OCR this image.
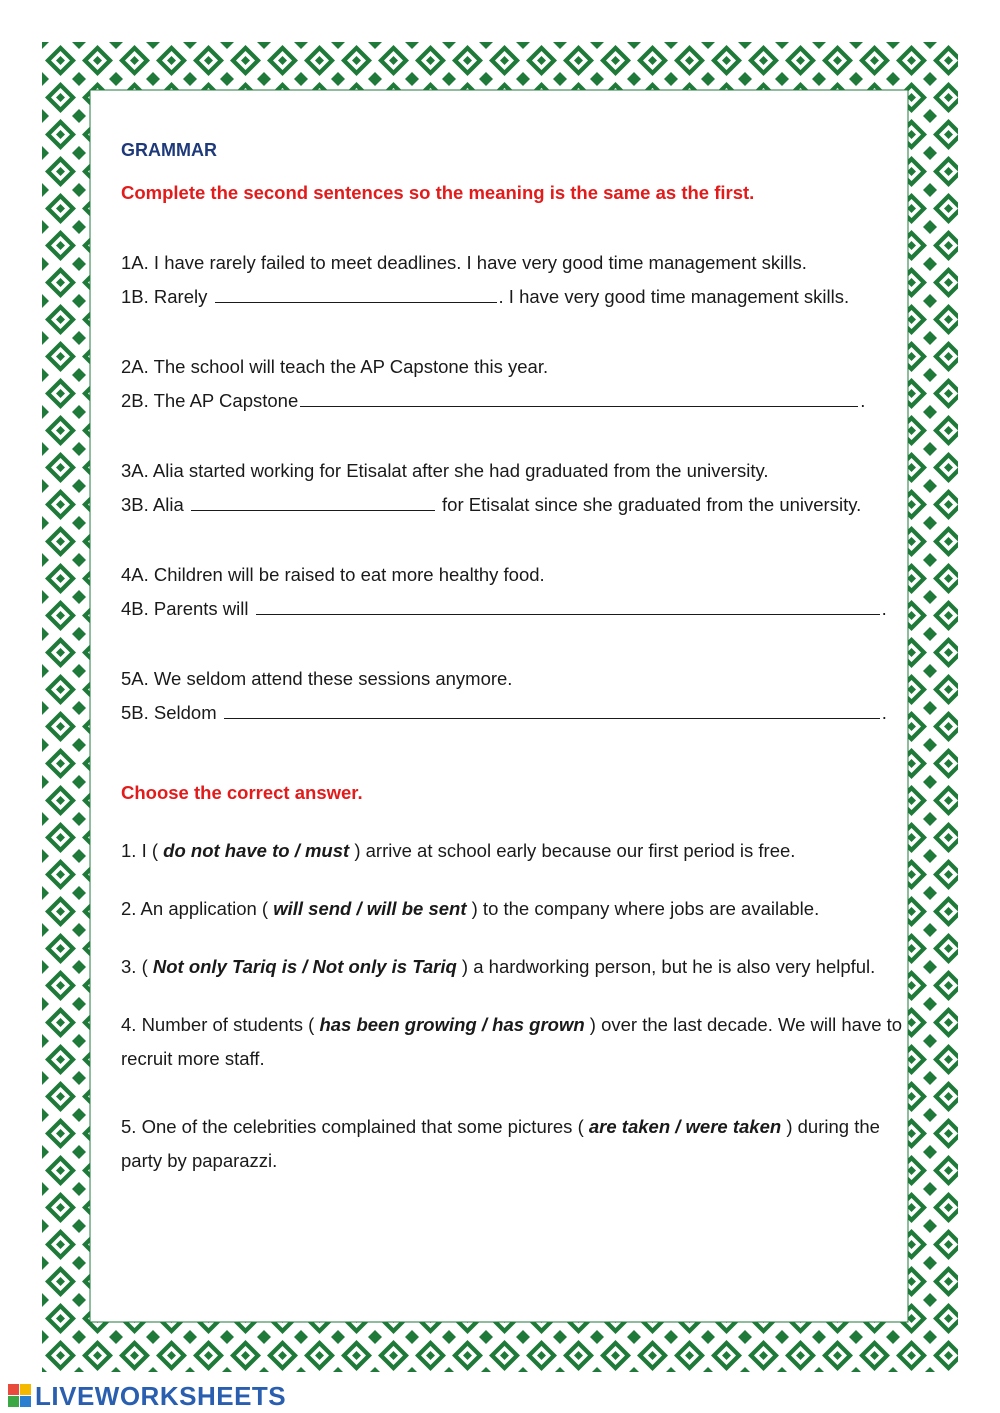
GRAMMAR

Complete the second sentences so the meaning is the same as the first.

1A. I have rarely failed to meet deadlines. I have very good time management skills.

1B. Rarely	. I have very good time management skills.

2A. The school will teach the AP Capstone this year.

2B. The AP Capstone	.

3A. Alia started working for Etisalat after she had graduated from the university.

3B. Alia	for Etisalat since she graduated from the university.

4A. Children will be raised to eat more healthy food.

4B. Parents will	.

5A. We seldom attend these sessions anymore.

5B. Seldom	.

Choose the correct answer.

1. I ( do not have to / must ) arrive at school early because our first period is free.

2. An application ( will send / will be sent ) to the company where jobs are available.

3. ( Not only Tariq is / Not only is Tariq ) a hardworking person, but he is also very helpful.

4. Number of students ( has been growing / has grown ) over the last decade. We will have to recruit more staff.

5. One of the celebrities complained that some pictures ( are taken / were taken ) during the party by paparazzi.

LIVEWORKSHEETS
